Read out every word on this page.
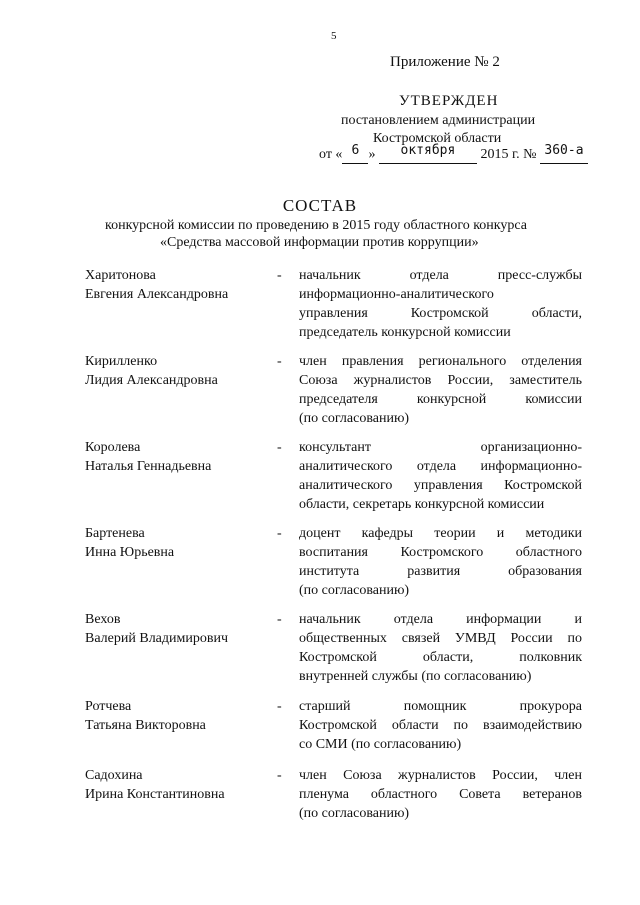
5
Приложение № 2
УТВЕРЖДЕН
постановлением администрации
Костромской области
от « 6 » октября 2015 г. № 360-а
СОСТАВ
конкурсной комиссии по проведению в 2015 году областного конкурса
«Средства массовой информации против коррупции»
Харитонова
Евгения Александровна
- начальник отдела пресс-службы
информационно-аналитического
управления Костромской области,
председатель конкурсной комиссии
Кирилленко
Лидия Александровна
- член правления регионального отделения
Союза журналистов России, заместитель
председателя конкурсной комиссии
(по согласованию)
Королева
Наталья Геннадьевна
- консультант организационно-
аналитического отдела информационно-
аналитического управления Костромской
области, секретарь конкурсной комиссии
Бартенева
Инна Юрьевна
- доцент кафедры теории и методики
воспитания Костромского областного
института развития образования
(по согласованию)
Вехов
Валерий Владимирович
- начальник отдела информации и
общественных связей УМВД России по
Костромской области, полковник
внутренней службы (по согласованию)
Ротчева
Татьяна Викторовна
- старший помощник прокурора
Костромской области по взаимодействию
со СМИ (по согласованию)
Садохина
Ирина Константиновна
- член Союза журналистов России, член
пленума областного Совета ветеранов
(по согласованию)
